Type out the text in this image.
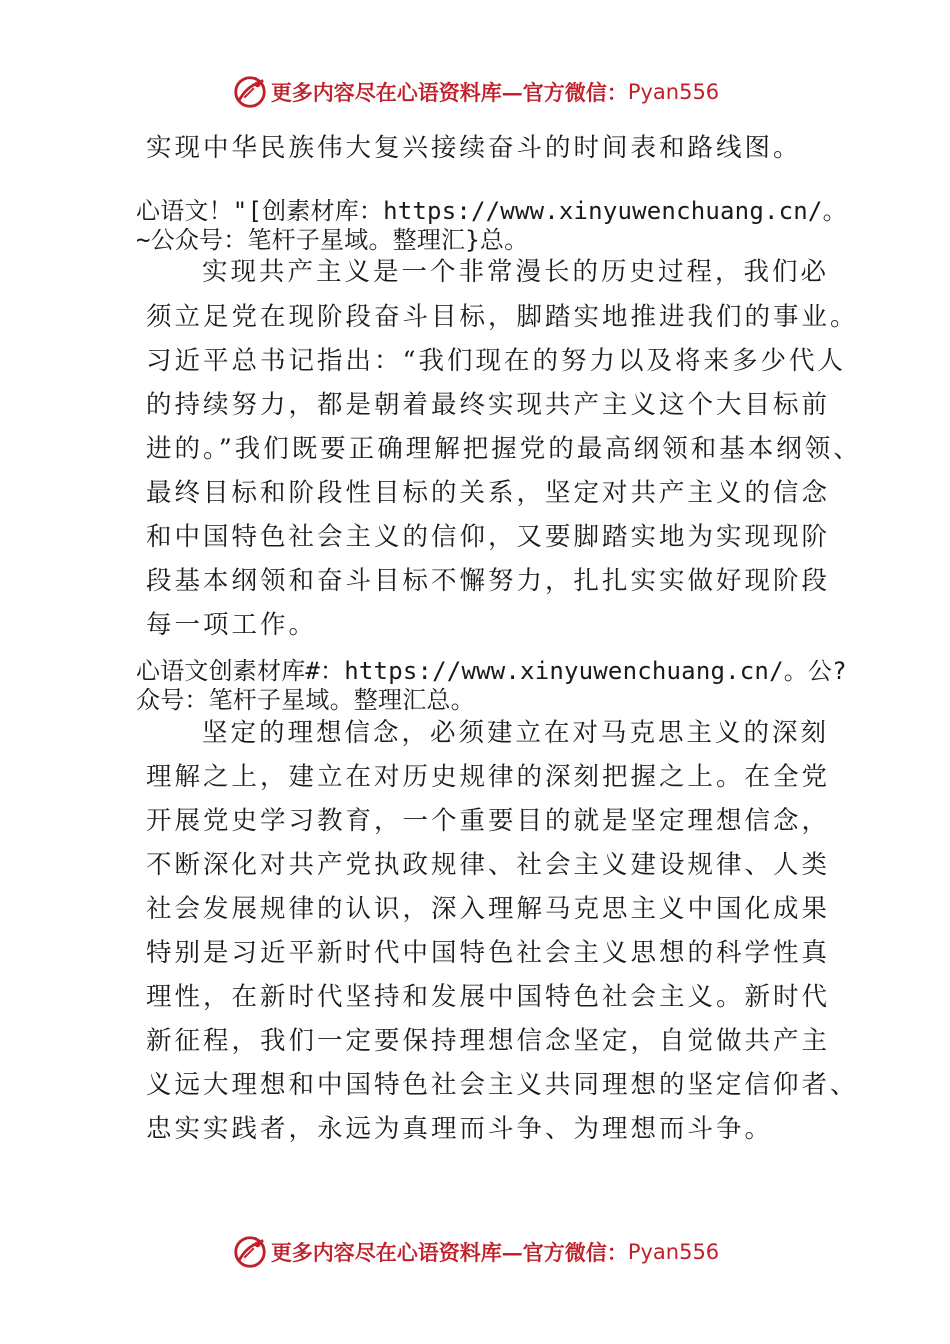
更多内容尽在心语资料库—官方微信： Pyan556
实现中华民族伟大复兴接续奋斗的时间表和路线图。
心语文！"[创素材库：https://www.xinyuwenchuang.cn/。
~公众号：笔杆子星域。整理汇}总。
实现共产主义是一个非常漫长的历史过程，我们必
须立足党在现阶段奋斗目标，脚踏实地推进我们的事业。
习近平总书记指出：“我们现在的努力以及将来多少代人
的持续努力，都是朝着最终实现共产主义这个大目标前
进的。”我们既要正确理解把握党的最高纲领和基本纲领、
最终目标和阶段性目标的关系，坚定对共产主义的信念
和中国特色社会主义的信仰，又要脚踏实地为实现现阶
段基本纲领和奋斗目标不懈努力，扎扎实实做好现阶段
每一项工作。
心语文创素材库#：https://www.xinyuwenchuang.cn/。公?
众号：笔杆子星域。整理汇总。
坚定的理想信念，必须建立在对马克思主义的深刻
理解之上，建立在对历史规律的深刻把握之上。在全党
开展党史学习教育，一个重要目的就是坚定理想信念，
不断深化对共产党执政规律、社会主义建设规律、人类
社会发展规律的认识，深入理解马克思主义中国化成果
特别是习近平新时代中国特色社会主义思想的科学性真
理性，在新时代坚持和发展中国特色社会主义。新时代
新征程，我们一定要保持理想信念坚定，自觉做共产主
义远大理想和中国特色社会主义共同理想的坚定信仰者、
忠实实践者，永远为真理而斗争、为理想而斗争。
更多内容尽在心语资料库—官方微信： Pyan556
